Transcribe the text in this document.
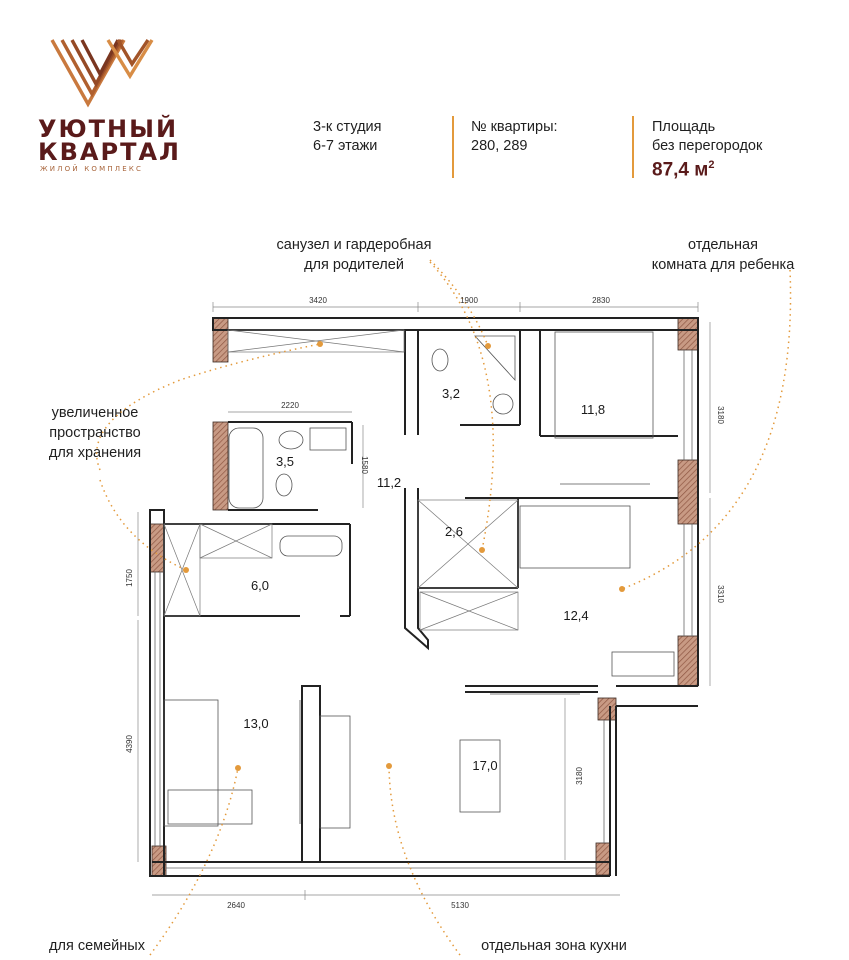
УЮТНЫЙ
КВАРТАЛ
ЖИЛОЙ КОМПЛЕКС
3-к студия
6-7 этажи
№ квартиры:
280, 289
Площадь
без перегородок
87,4 $м^2$
санузел и гардеробная
для родителей
отдельная
комната для ребенка
увеличенное
пространство
для хранения
для семейных	отдельная зона кухни
3420	1900	2830
2220
1580
3180
3310
1750
4390
3180
2640	5130
3,2
11,8
3,5
11,2
2,6
6,0
12,4
13,0
17,0
